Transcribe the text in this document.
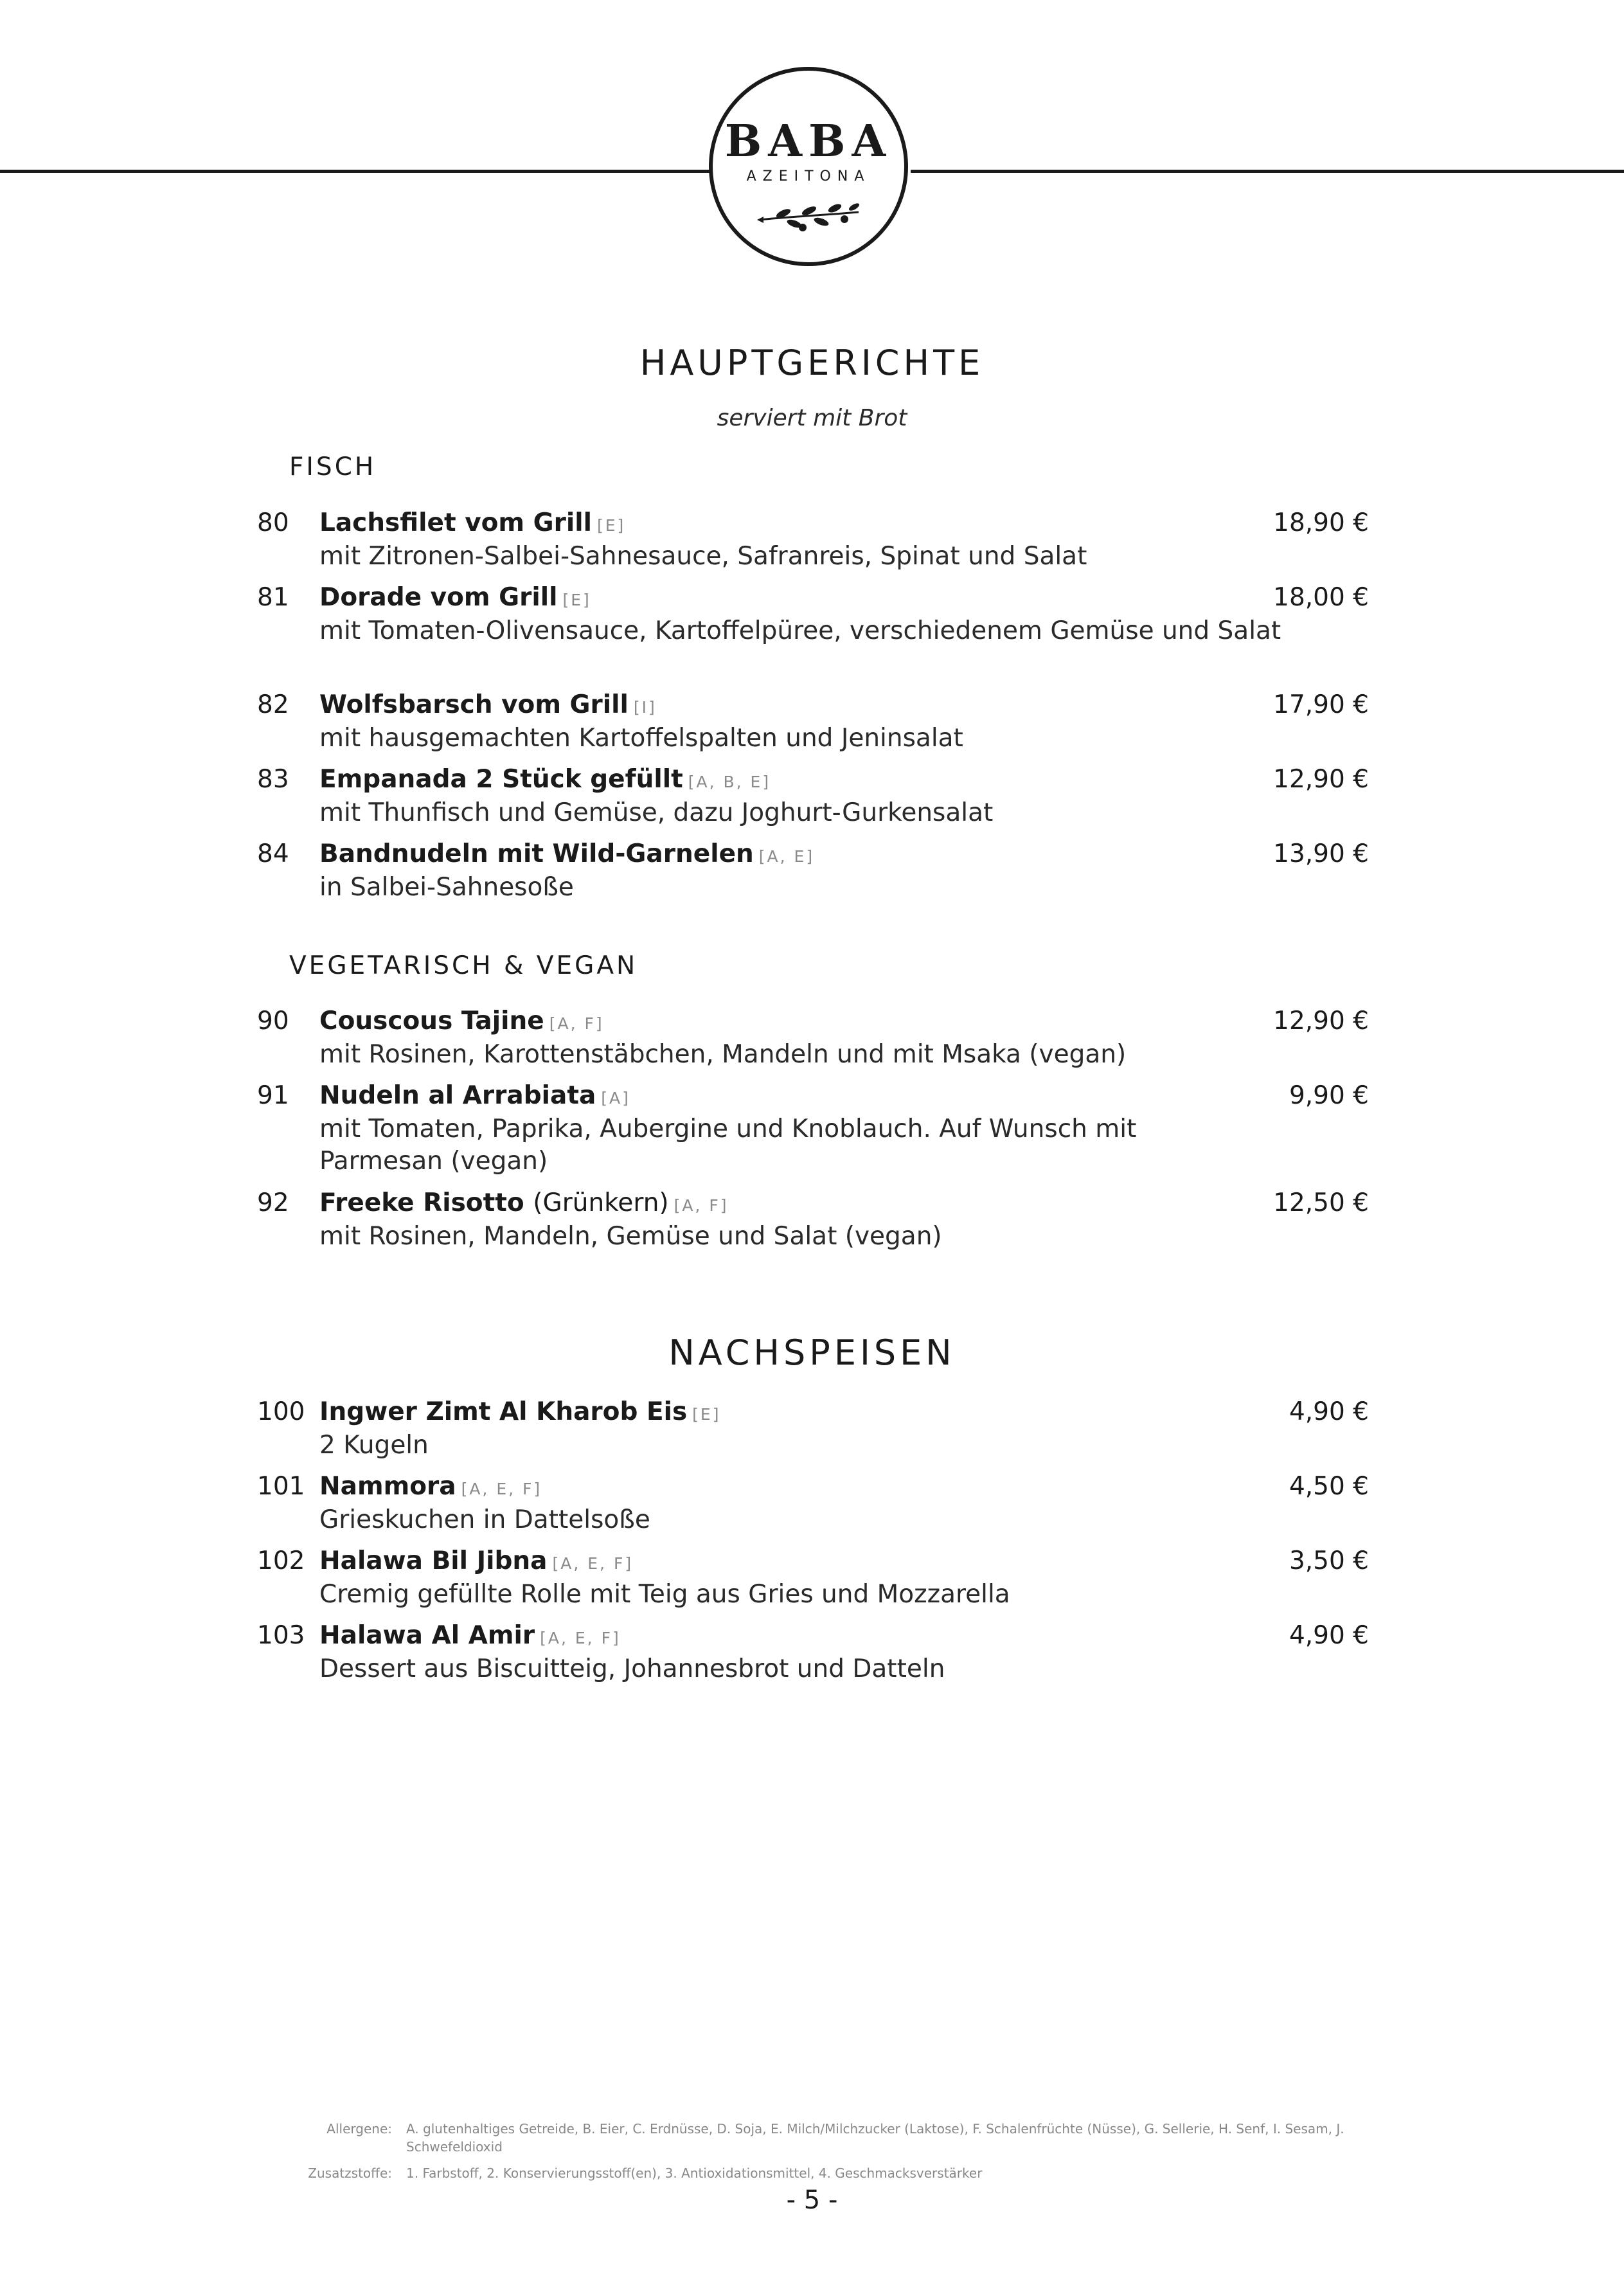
BABA
AZEITONA
HAUPTGERICHTE
serviert mit Brot
FISCH
80 Lachsfilet vom Grill [E]
mit Zitronen-Salbei-Sahnesauce, Safranreis, Spinat und Salat
18,90 €
81 Dorade vom Grill [E]
mit Tomaten-Olivensauce, Kartoffelpüree, verschiedenem Gemüse und Salat
18,00 €
82 Wolfsbarsch vom Grill [I]
mit hausgemachten Kartoffelspalten und Jeninsalat
17,90 €
83 Empanada 2 Stück gefüllt [A, B, E]
mit Thunfisch und Gemüse, dazu Joghurt-Gurkensalat
12,90 €
84 Bandnudeln mit Wild-Garnelen [A, E]
in Salbei-Sahnesoße
13,90 €
VEGETARISCH & VEGAN
90 Couscous Tajine [A, F]
mit Rosinen, Karottenstäbchen, Mandeln und mit Msaka (vegan)
12,90 €
91 Nudeln al Arrabiata [A]
mit Tomaten, Paprika, Aubergine und Knoblauch. Auf Wunsch mit Parmesan (vegan)
9,90 €
92 Freeke Risotto (Grünkern) [A, F]
mit Rosinen, Mandeln, Gemüse und Salat (vegan)
12,50 €
NACHSPEISEN
100 Ingwer Zimt Al Kharob Eis [E]
2 Kugeln
4,90 €
101 Nammora [A, E, F]
Grieskuchen in Dattelsoße
4,50 €
102 Halawa Bil Jibna [A, E, F]
Cremig gefüllte Rolle mit Teig aus Gries und Mozzarella
3,50 €
103 Halawa Al Amir [A, E, F]
Dessert aus Biscuitteig, Johannesbrot und Datteln
4,90 €
Allergene: A. glutenhaltiges Getreide, B. Eier, C. Erdnüsse, D. Soja, E. Milch/Milchzucker (Laktose), F. Schalenfrüchte (Nüsse), G. Sellerie, H. Senf, I. Sesam, J. Schwefeldioxid
Zusatzstoffe: 1. Farbstoff, 2. Konservierungsstoff(en), 3. Antioxidationsmittel, 4. Geschmacksverstärker
- 5 -
